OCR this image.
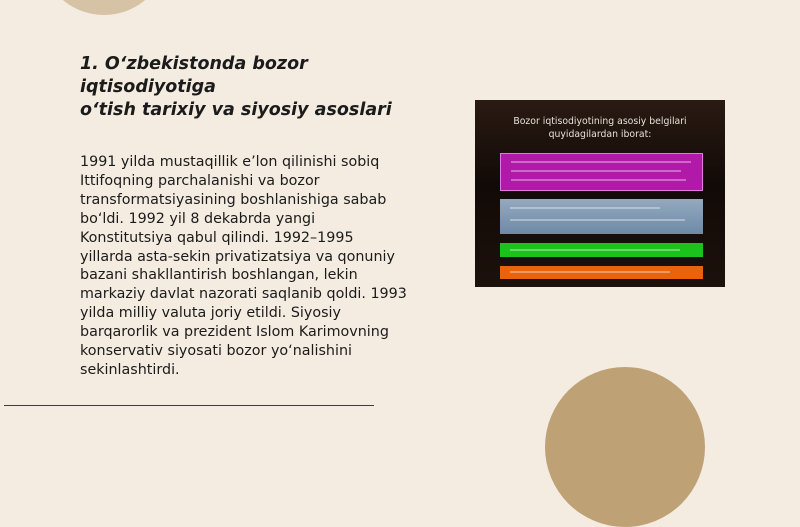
1. O‘zbekistonda bozor iqtisodiyotiga
o‘tish tarixiy va siyosiy asoslari
1991 yilda mustaqillik e’lon qilinishi sobiq
Ittifoqning parchalanishi va bozor
transformatsiyasining boshlanishiga sabab
bo‘ldi. 1992 yil 8 dekabrda yangi
Konstitutsiya qabul qilindi. 1992–1995
yillarda asta-sekin privatizatsiya va qonuniy
bazani shakllantirish boshlangan, lekin
markaziy davlat nazorati saqlanib qoldi. 1993
yilda milliy valuta joriy etildi. Siyosiy
barqarorlik va prezident Islom Karimovning
konservativ siyosati bozor yo‘nalishini
sekinlashtirdi.
Bozor iqtisodiyotining asosiy belgilari
quyidagilardan iborat:
